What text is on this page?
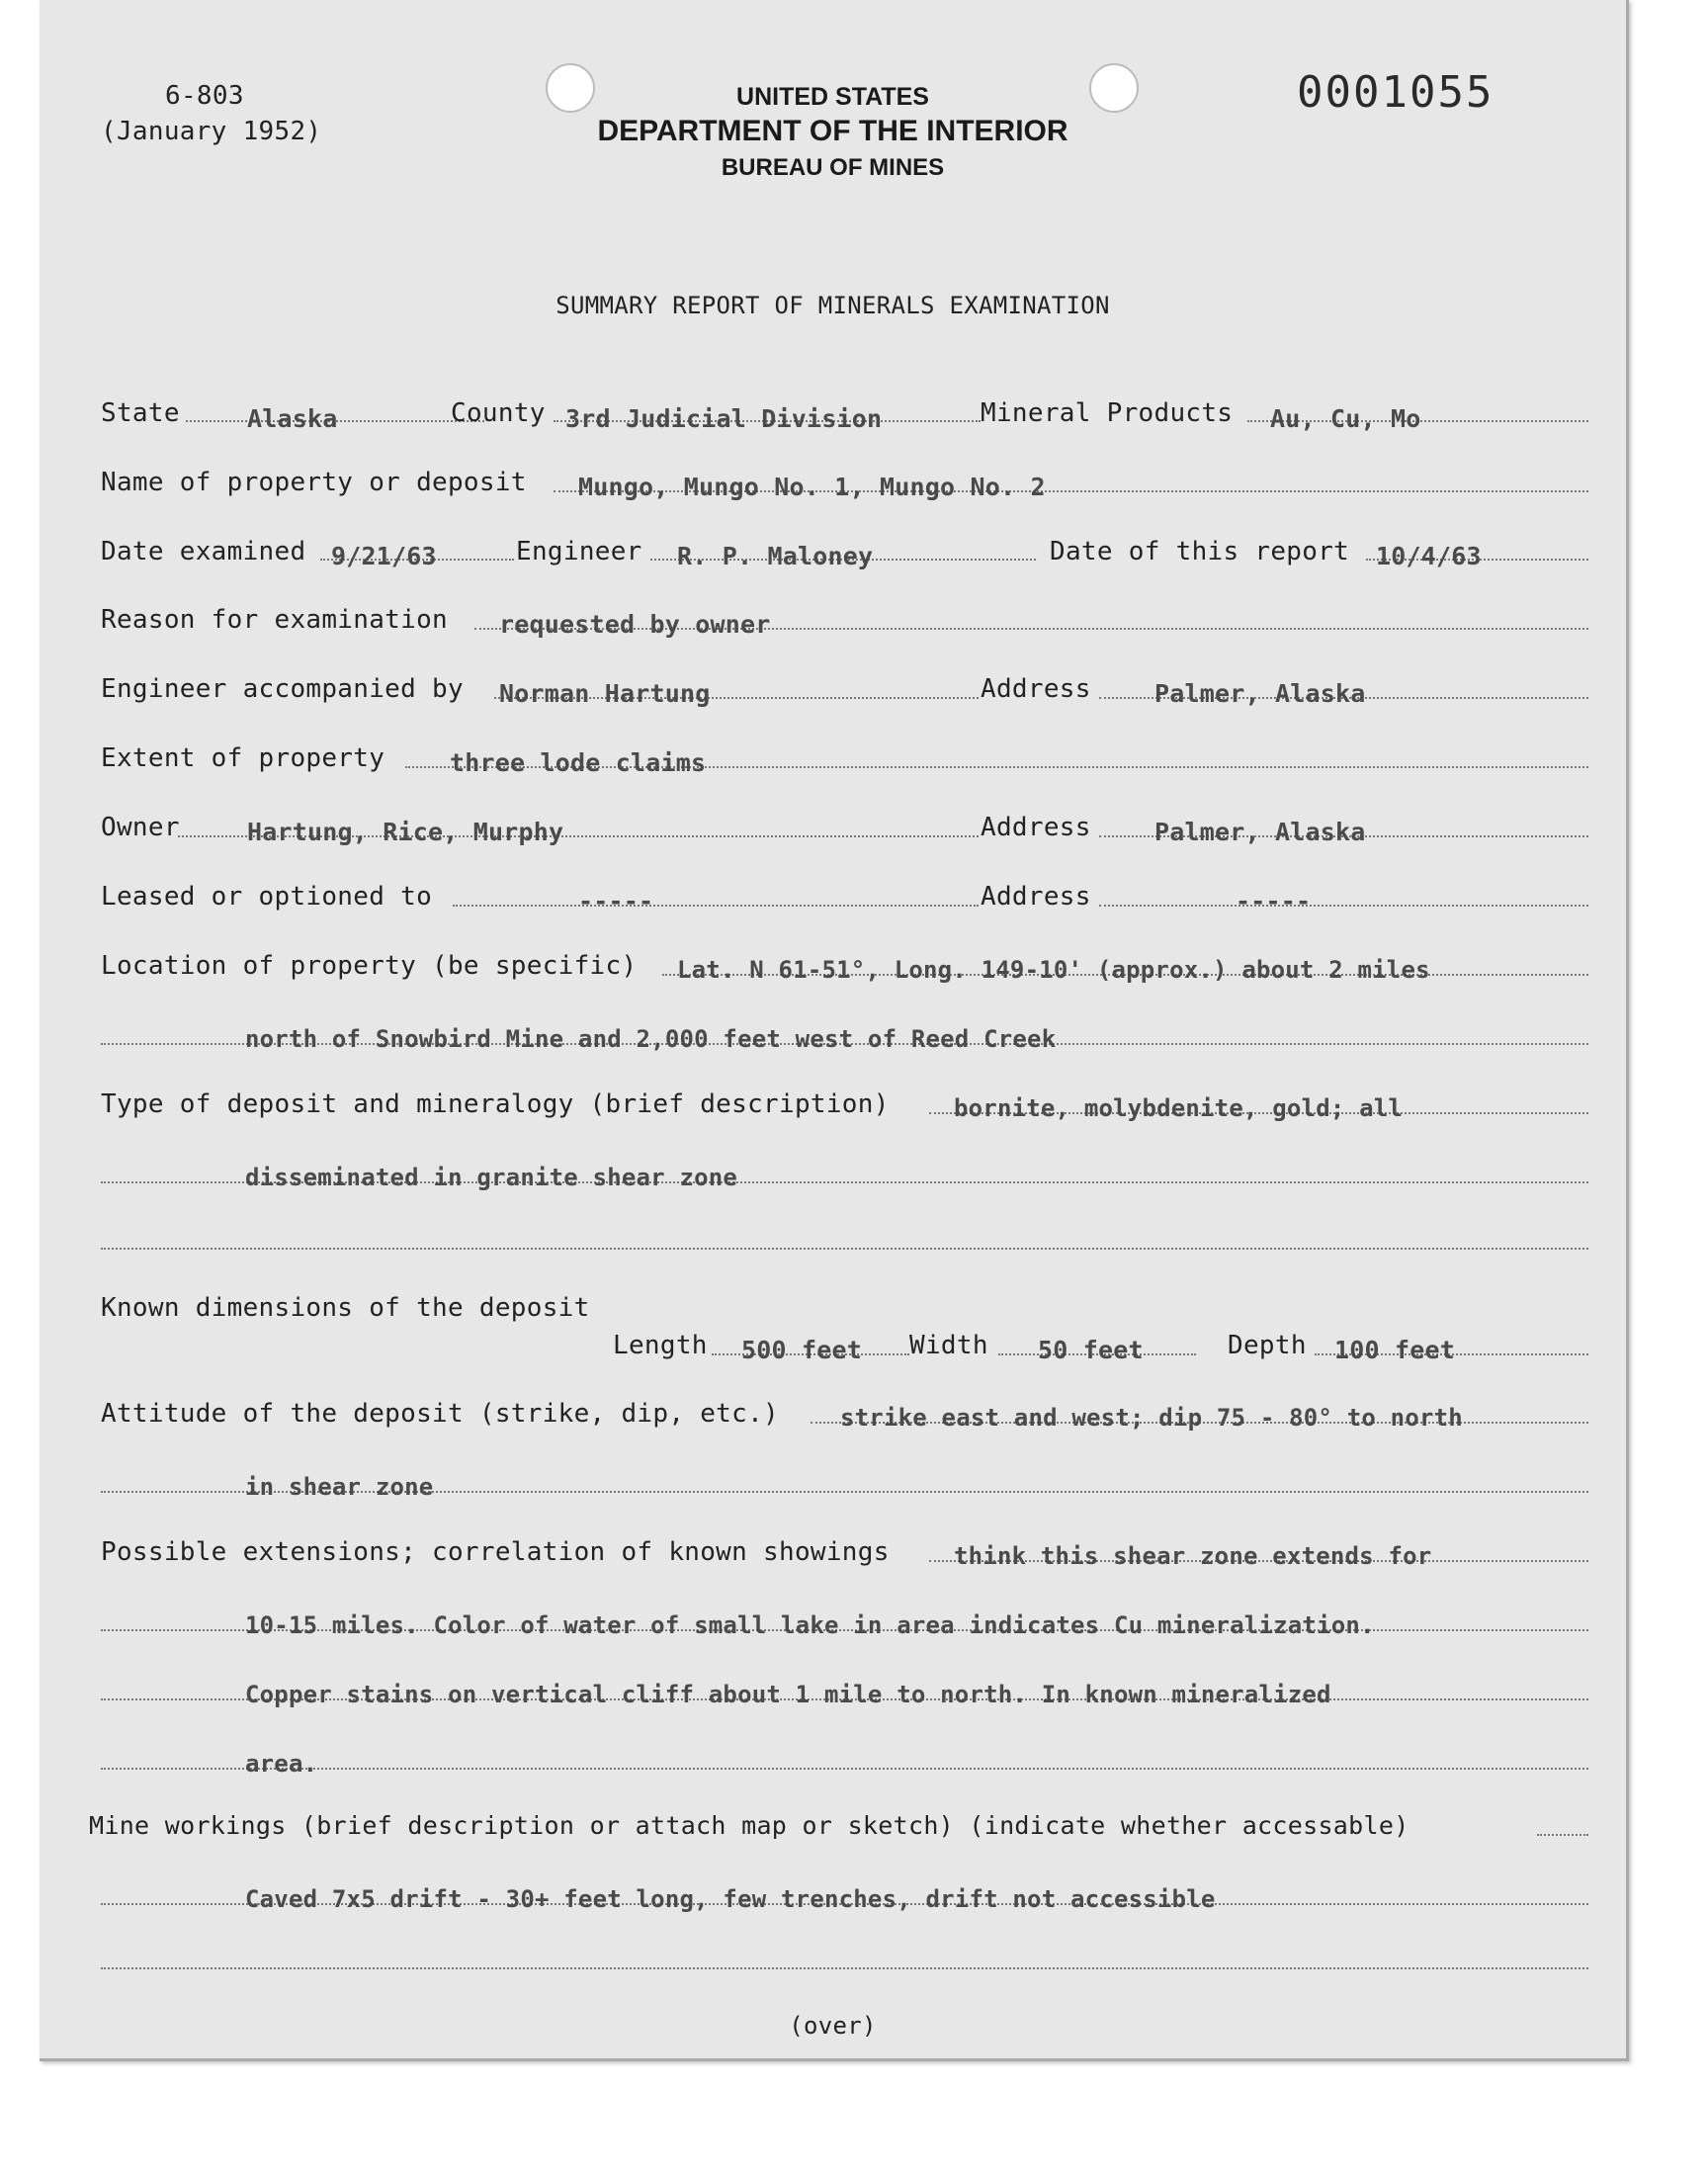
6-803
(January 1952)
UNITED STATES
DEPARTMENT OF THE INTERIOR
BUREAU OF MINES
0001055
SUMMARY REPORT OF MINERALS EXAMINATION
State	Alaska	County 3rd Judicial Division	Mineral Products Au, Cu, Mo
Name of property or deposit Mungo, Mungo No. 1, Mungo No. 2
Date examined 9/21/63	Engineer R. P. Maloney	Date of this report 10/4/63
Reason for examination requested by owner
Engineer accompanied by Norman Hartung	Address	Palmer, Alaska
Extent of property	three lode claims
Owner	Hartung, Rice, Murphy	Address	Palmer, Alaska
Leased or optioned to	-----	Address	-----
Location of property (be specific) Lat. N 61-51°, Long. 149-10' (approx.) about 2 miles
north of Snowbird Mine and 2,000 feet west of Reed Creek
Type of deposit and mineralogy (brief description)	bornite, molybdenite, gold; all
disseminated in granite shear zone
Known dimensions of the deposit
Length 500 feet Width 50 feet	Depth 100 feet
Attitude of the deposit (strike, dip, etc.)	strike east and west; dip 75 - 80° to north
in shear zone
Possible extensions; correlation of known showings	think this shear zone extends for
10-15 miles. Color of water of small lake in area indicates Cu mineralization.
Copper stains on vertical cliff about 1 mile to north. In known mineralized
area.
Mine workings (brief description or attach map or sketch) (indicate whether accessable)
Caved 7x5 drift - 30+ feet long, few trenches, drift not accessible
(over)
